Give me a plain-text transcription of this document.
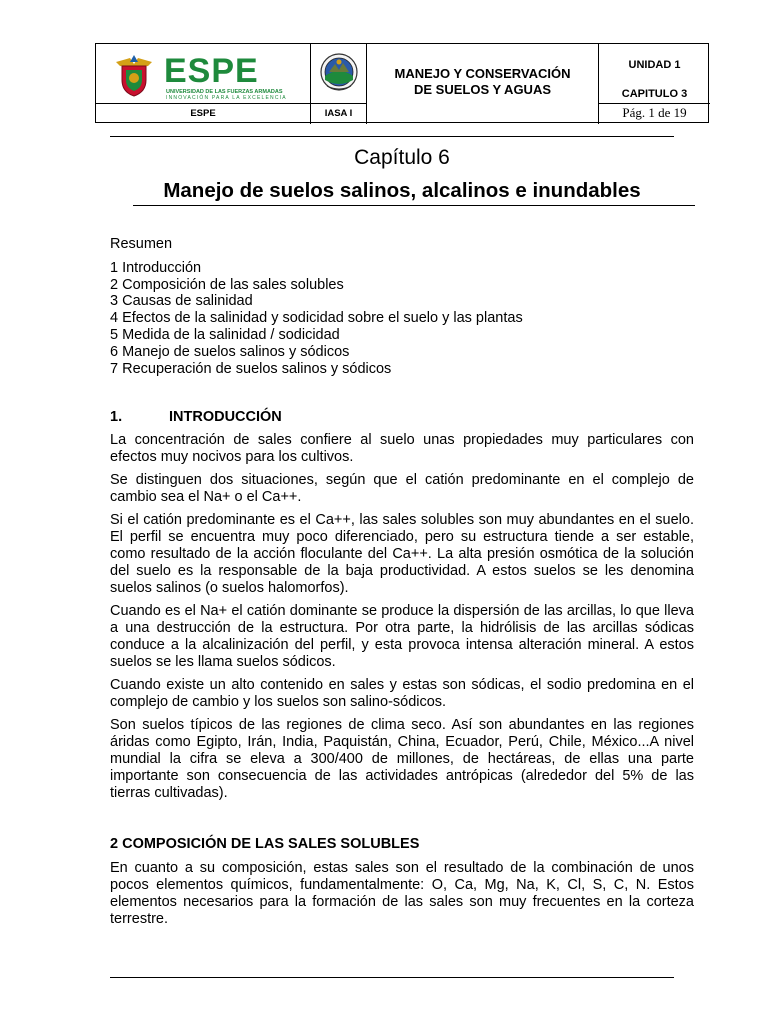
ESPE
UNIVERSIDAD DE LAS FUERZAS ARMADAS
INNOVACIÓN PARA LA EXCELENCIA
MANEJO Y CONSERVACIÓN
DE SUELOS Y AGUAS
UNIDAD 1
CAPITULO 3
ESPE	IASA I	Pág. 1 de 19
Capítulo 6
Manejo de suelos salinos, alcalinos e inundables
Resumen
1 Introducción
2 Composición de las sales solubles
3 Causas de salinidad
4 Efectos de la salinidad y sodicidad sobre el suelo y las plantas
5 Medida de la salinidad / sodicidad
6 Manejo de suelos salinos y sódicos
7 Recuperación de suelos salinos y sódicos
1.	INTRODUCCIÓN

La concentración de sales confiere al suelo unas propiedades muy particulares con efectos muy nocivos para los cultivos.

Se distinguen dos situaciones, según que el catión predominante en el complejo de cambio sea el Na+ o el Ca++.

Si el catión predominante es el Ca++, las sales solubles son muy abundantes en el suelo. El perfil se encuentra muy poco diferenciado, pero su estructura tiende a ser estable, como resultado de la acción floculante del Ca++. La alta presión osmótica de la solución del suelo es la responsable de la baja productividad. A estos suelos se les denomina suelos salinos (o suelos halomorfos).

Cuando es el Na+ el catión dominante se produce la dispersión de las arcillas, lo que lleva a una destrucción de la estructura. Por otra parte, la hidrólisis de las arcillas sódicas conduce a la alcalinización del perfil, y esta provoca intensa alteración mineral. A estos suelos se les llama suelos sódicos.

Cuando existe un alto contenido en sales y estas son sódicas, el sodio predomina en el complejo de cambio y los suelos son salino-sódicos.

Son suelos típicos de las regiones de clima seco. Así son abundantes en las regiones áridas como Egipto, Irán, India, Paquistán, China, Ecuador, Perú, Chile, México...A nivel mundial la cifra se eleva a 300/400 de millones, de hectáreas, de ellas una parte importante son consecuencia de las actividades antrópicas (alrededor del 5% de las tierras cultivadas).

2 COMPOSICIÓN DE LAS SALES SOLUBLES

En cuanto a su composición, estas sales son el resultado de la combinación de unos pocos elementos químicos, fundamentalmente: O, Ca, Mg, Na, K, Cl, S, C, N. Estos elementos necesarios para la formación de las sales son muy frecuentes en la corteza terrestre.
